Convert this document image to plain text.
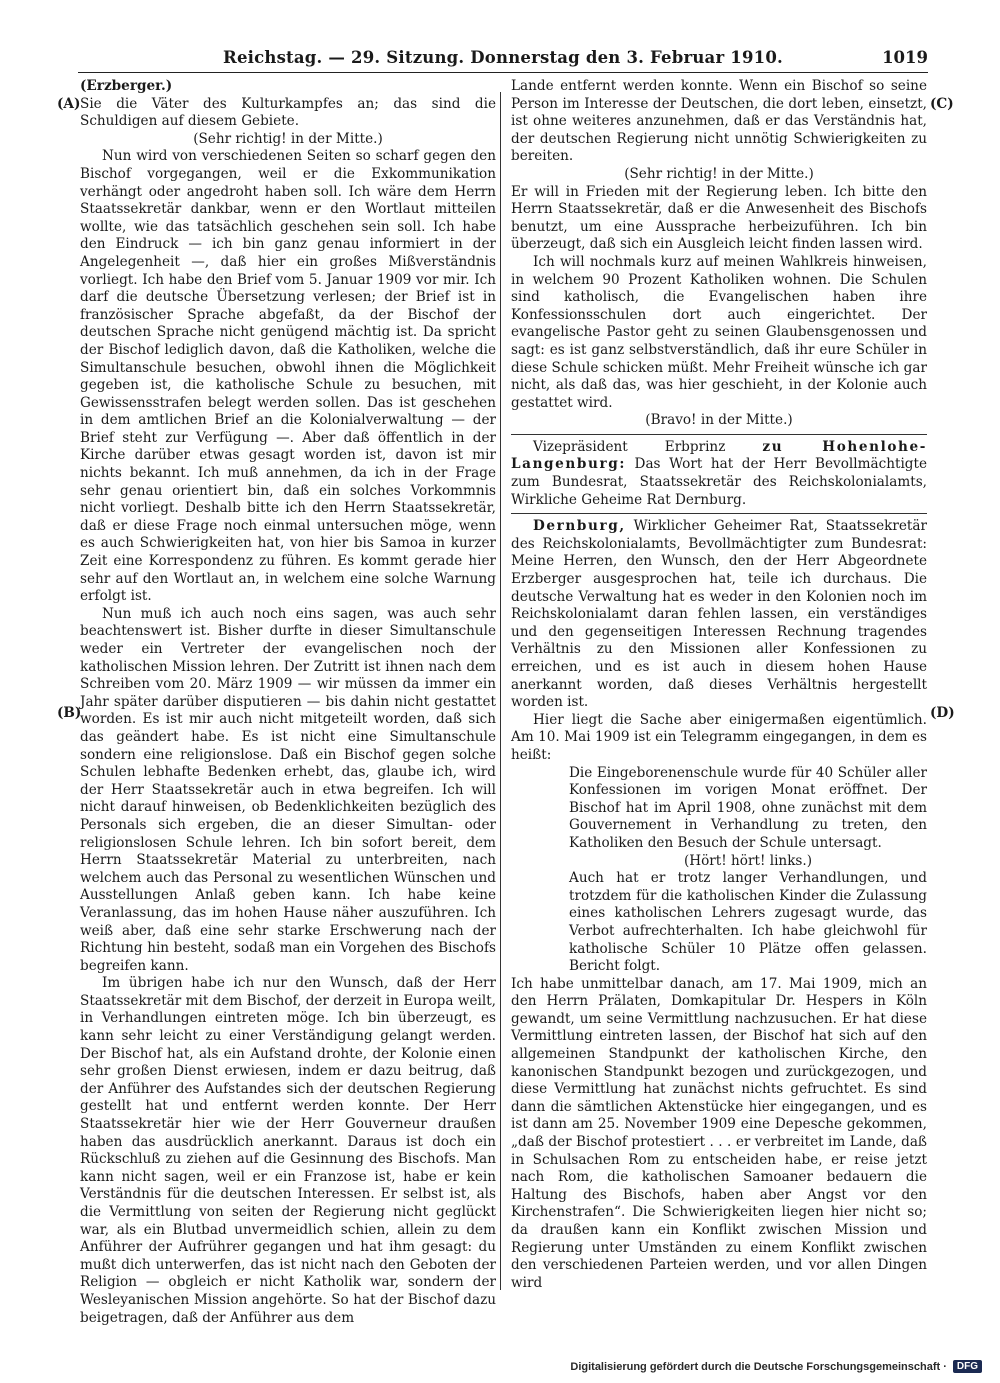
Reichstag. — 29. Sitzung. Donnerstag den 3. Februar 1910.	1019
(A)
(B)
(C)
(D)

(Erzberger.)

Sie die Väter des Kulturkampfes an; das sind die Schuldigen auf diesem Gebiete.

(Sehr richtig! in der Mitte.)

Nun wird von verschiedenen Seiten so scharf gegen den Bischof vorgegangen, weil er die Exkommunikation verhängt oder angedroht haben soll. Ich wäre dem Herrn Staatssekretär dankbar, wenn er den Wortlaut mitteilen wollte, wie das tatsächlich geschehen sein soll. Ich habe den Eindruck — ich bin ganz genau informiert in der Angelegenheit —, daß hier ein großes Mißverständnis vorliegt. Ich habe den Brief vom 5. Januar 1909 vor mir. Ich darf die deutsche Übersetzung verlesen; der Brief ist in französischer Sprache abgefaßt, da der Bischof der deutschen Sprache nicht genügend mächtig ist. Da spricht der Bischof lediglich davon, daß die Katholiken, welche die Simultanschule besuchen, obwohl ihnen die Möglichkeit gegeben ist, die katholische Schule zu besuchen, mit Gewissensstrafen belegt werden sollen. Das ist geschehen in dem amtlichen Brief an die Kolonialverwaltung — der Brief steht zur Verfügung —. Aber daß öffentlich in der Kirche darüber etwas gesagt worden ist, davon ist mir nichts bekannt. Ich muß annehmen, da ich in der Frage sehr genau orientiert bin, daß ein solches Vorkommnis nicht vorliegt. Deshalb bitte ich den Herrn Staatssekretär, daß er diese Frage noch einmal untersuchen möge, wenn es auch Schwierigkeiten hat, von hier bis Samoa in kurzer Zeit eine Korrespondenz zu führen. Es kommt gerade hier sehr auf den Wortlaut an, in welchem eine solche Warnung erfolgt ist.

Nun muß ich auch noch eins sagen, was auch sehr beachtenswert ist. Bisher durfte in dieser Simultanschule weder ein Vertreter der evangelischen noch der katholischen Mission lehren. Der Zutritt ist ihnen nach dem Schreiben vom 20. März 1909 — wir müssen da immer ein Jahr später darüber disputieren — bis dahin nicht gestattet worden. Es ist mir auch nicht mitgeteilt worden, daß sich das geändert habe. Es ist nicht eine Simultanschule sondern eine religionslose. Daß ein Bischof gegen solche Schulen lebhafte Bedenken erhebt, das, glaube ich, wird der Herr Staatssekretär auch in etwa begreifen. Ich will nicht darauf hinweisen, ob Bedenklichkeiten bezüglich des Personals sich ergeben, die an dieser Simultan- oder religionslosen Schule lehren. Ich bin sofort bereit, dem Herrn Staatssekretär Material zu unterbreiten, nach welchem auch das Personal zu wesentlichen Wünschen und Ausstellungen Anlaß geben kann. Ich habe keine Veranlassung, das im hohen Hause näher auszuführen. Ich weiß aber, daß eine sehr starke Erschwerung nach der Richtung hin besteht, sodaß man ein Vorgehen des Bischofs begreifen kann.

Im übrigen habe ich nur den Wunsch, daß der Herr Staatssekretär mit dem Bischof, der derzeit in Europa weilt, in Verhandlungen eintreten möge. Ich bin überzeugt, es kann sehr leicht zu einer Verständigung gelangt werden. Der Bischof hat, als ein Aufstand drohte, der Kolonie einen sehr großen Dienst erwiesen, indem er dazu beitrug, daß der Anführer des Aufstandes sich der deutschen Regierung gestellt hat und entfernt werden konnte. Der Herr Staatssekretär hier wie der Herr Gouverneur draußen haben das ausdrücklich anerkannt. Daraus ist doch ein Rückschluß zu ziehen auf die Gesinnung des Bischofs. Man kann nicht sagen, weil er ein Franzose ist, habe er kein Verständnis für die deutschen Interessen. Er selbst ist, als die Vermittlung von seiten der Regierung nicht geglückt war, als ein Blutbad unvermeidlich schien, allein zu dem Anführer der Aufrührer gegangen und hat ihm gesagt: du mußt dich unterwerfen, das ist nicht nach den Geboten der Religion — obgleich er nicht Katholik war, sondern der Wesleyanischen Mission angehörte. So hat der Bischof dazu beigetragen, daß der Anführer aus dem

Lande entfernt werden konnte. Wenn ein Bischof so seine Person im Interesse der Deutschen, die dort leben, einsetzt, ist ohne weiteres anzunehmen, daß er das Verständnis hat, der deutschen Regierung nicht unnötig Schwierigkeiten zu bereiten.

(Sehr richtig! in der Mitte.)

Er will in Frieden mit der Regierung leben. Ich bitte den Herrn Staatssekretär, daß er die Anwesenheit des Bischofs benutzt, um eine Aussprache herbeizuführen. Ich bin überzeugt, daß sich ein Ausgleich leicht finden lassen wird.

Ich will nochmals kurz auf meinen Wahlkreis hinweisen, in welchem 90 Prozent Katholiken wohnen. Die Schulen sind katholisch, die Evangelischen haben ihre Konfessionsschulen dort auch eingerichtet. Der evangelische Pastor geht zu seinen Glaubensgenossen und sagt: es ist ganz selbstverständlich, daß ihr eure Schüler in diese Schule schicken müßt. Mehr Freiheit wünsche ich gar nicht, als daß das, was hier geschieht, in der Kolonie auch gestattet wird.

(Bravo! in der Mitte.)

Vizepräsident Erbprinz	zu Hohenlohe-Langenburg: Das Wort hat der Herr Bevollmächtigte zum Bundesrat, Staatssekretär des Reichskolonialamts, Wirkliche Geheime Rat Dernburg.

Dernburg, Wirklicher Geheimer Rat, Staatssekretär des Reichskolonialamts, Bevollmächtigter zum Bundesrat: Meine Herren, den Wunsch, den der Herr Abgeordnete Erzberger ausgesprochen hat, teile ich durchaus. Die deutsche Verwaltung hat es weder in den Kolonien noch im Reichskolonialamt daran fehlen lassen, ein verständiges und den gegenseitigen Interessen Rechnung tragendes Verhältnis zu den Missionen aller Konfessionen zu erreichen, und es ist auch in diesem hohen Hause anerkannt worden, daß dieses Verhältnis hergestellt worden ist.

Hier liegt die Sache aber einigermaßen eigentümlich. Am 10. Mai 1909 ist ein Telegramm eingegangen, in dem es heißt:

Die Eingeborenenschule wurde für 40 Schüler aller Konfessionen im vorigen Monat eröffnet. Der Bischof hat im April 1908, ohne zunächst mit dem Gouvernement in Verhandlung zu treten, den Katholiken den Besuch der Schule untersagt.

(Hört! hört! links.)

Auch hat er trotz langer Verhandlungen, und trotzdem für die katholischen Kinder die Zulassung eines katholischen Lehrers zugesagt wurde, das Verbot aufrechterhalten. Ich habe gleichwohl für katholische Schüler 10 Plätze offen gelassen. Bericht folgt.

Ich habe unmittelbar danach, am 17. Mai 1909, mich an den Herrn Prälaten, Domkapitular Dr. Hespers in Köln gewandt, um seine Vermittlung nachzusuchen. Er hat diese Vermittlung eintreten lassen, der Bischof hat sich auf den allgemeinen Standpunkt der katholischen Kirche, den kanonischen Standpunkt bezogen und zurückgezogen, und diese Vermittlung hat zunächst nichts gefruchtet. Es sind dann die sämtlichen Aktenstücke hier eingegangen, und es ist dann am 25. November 1909 eine Depesche gekommen, „daß der Bischof protestiert . . . er verbreitet im Lande, daß in Schulsachen Rom zu entscheiden habe, er reise jetzt nach Rom, die katholischen Samoaner bedauern die Haltung des Bischofs, haben aber Angst vor den Kirchenstrafen“. Die Schwierigkeiten liegen hier nicht so; da draußen kann ein Konflikt zwischen Mission und Regierung unter Umständen zu einem Konflikt zwischen den verschiedenen Parteien werden, und vor allen Dingen wird

Digitalisierung gefördert durch die Deutsche Forschungsgemeinschaft ·	DFG
